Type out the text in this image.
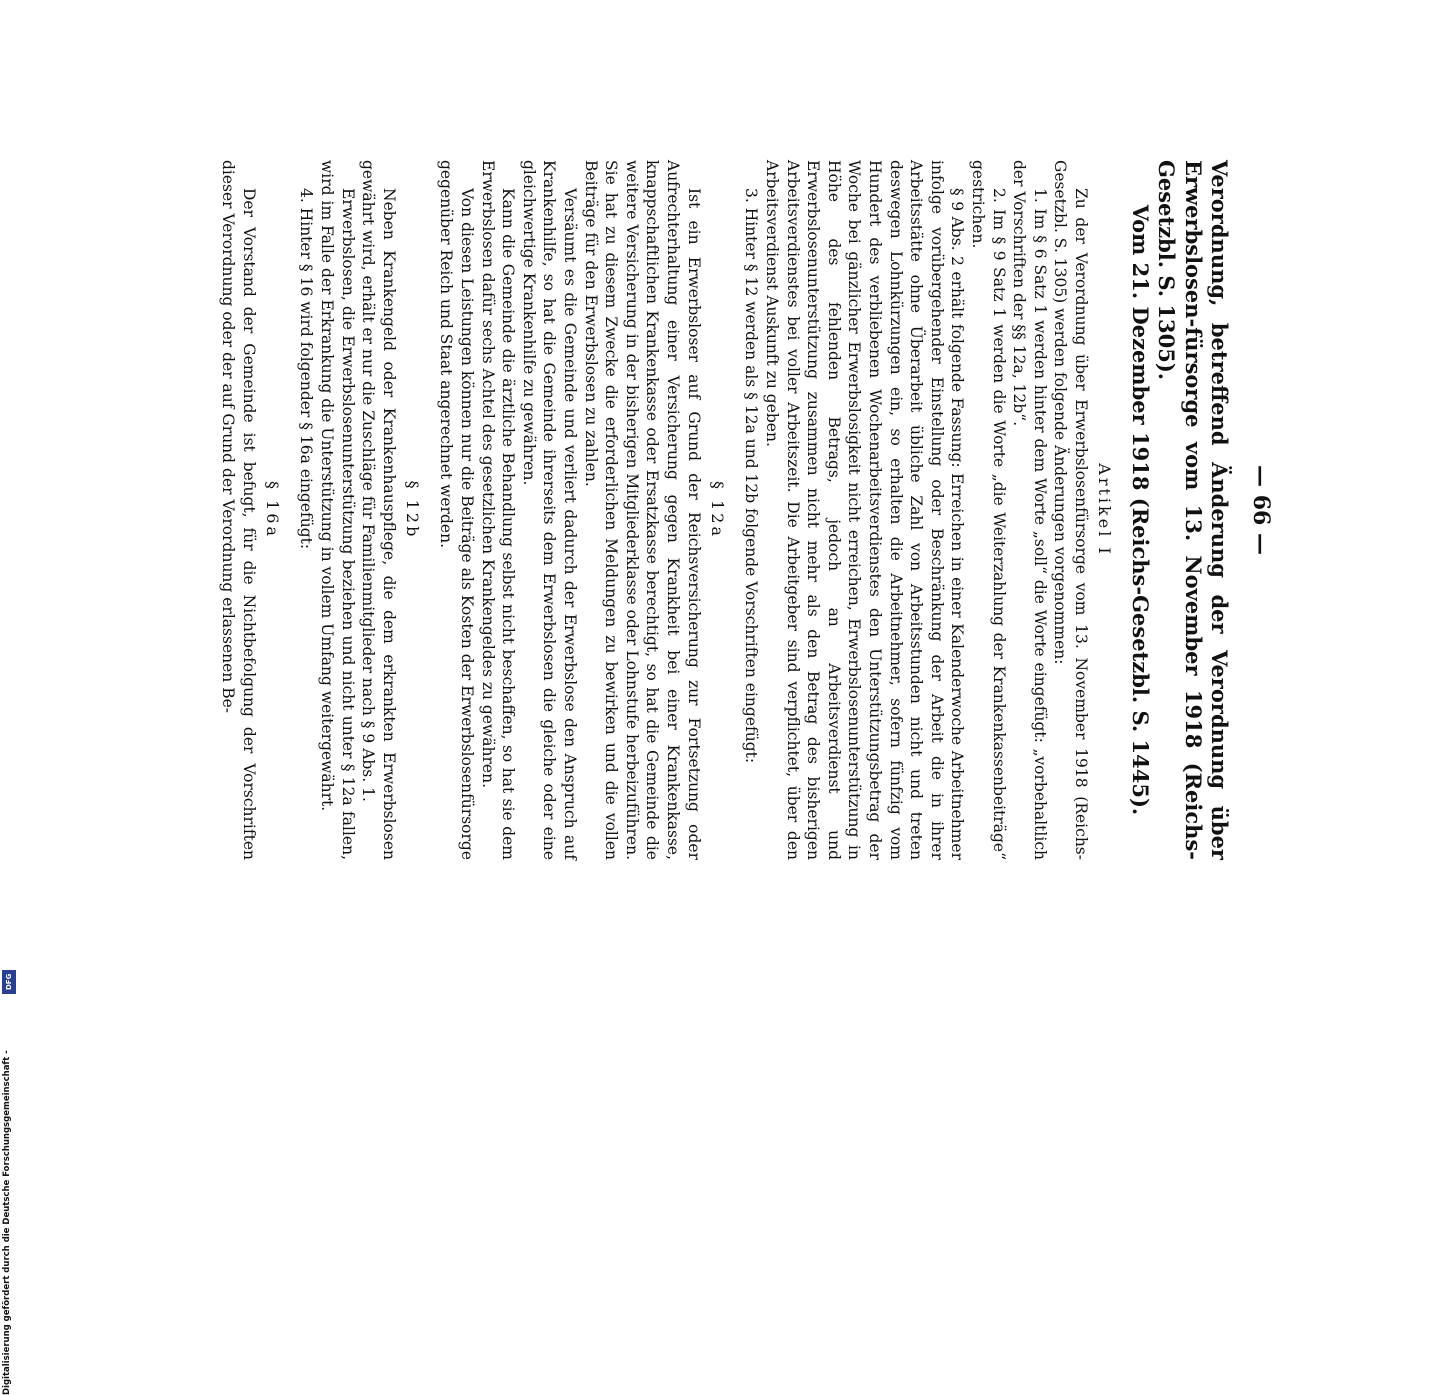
— 66 —

Verordnung, betreffend Änderung der Verordnung über Erwerbslosen-fürsorge vom 13. November 1918 (Reichs-Gesetzbl. S. 1305).

Vom 21. Dezember 1918 (Reichs-Gesetzbl. S. 1445).

Artikel I

Zu der Verordnung über Erwerbslosenfürsorge vom 13. November 1918 (Reichs-Gesetzbl. S. 1305) werden folgende Änderungen vorgenommen:

1. Im § 6 Satz 1 werden hinter dem Worte „soll“ die Worte eingefügt: „vorbehaltlich der Vorschriften der §§ 12a, 12b“.

2. Im § 9 Satz 1 werden die Worte „die Weiterzahlung der Krankenkassenbeiträge“ gestrichen.

§ 9 Abs. 2 erhält folgende Fassung: Erreichen in einer Kalenderwoche Arbeitnehmer infolge vorübergehender Einstellung oder Beschränkung der Arbeit die in ihrer Arbeitsstätte ohne Überarbeit übliche Zahl von Arbeitsstunden nicht und treten deswegen Lohnkürzungen ein, so erhalten die Arbeitnehmer, sofern fünfzig vom Hundert des verbliebenen Wochenarbeitsverdienstes den Unterstützungsbetrag der Woche bei gänzlicher Erwerbslosigkeit nicht erreichen, Erwerbslosenunterstützung in Höhe des fehlenden Betrags, jedoch an Arbeitsverdienst und Erwerbslosenunterstützung zusammen nicht mehr als den Betrag des bisherigen Arbeitsverdienstes bei voller Arbeitszeit. Die Arbeitgeber sind verpflichtet, über den Arbeitsverdienst Auskunft zu geben.

3. Hinter § 12 werden als § 12a und 12b folgende Vorschriften eingefügt:

§ 12a

Ist ein Erwerbsloser auf Grund der Reichsversicherung zur Fortsetzung oder Aufrechterhaltung einer Versicherung gegen Krankheit bei einer Krankenkasse, knappschaftlichen Krankenkasse oder Ersatzkasse berechtigt, so hat die Gemeinde die weitere Versicherung in der bisherigen Mitgliederklasse oder Lohnstufe herbeizuführen. Sie hat zu diesem Zwecke die erforderlichen Meldungen zu bewirken und die vollen Beiträge für den Erwerbslosen zu zahlen.

Versäumt es die Gemeinde und verliert dadurch der Erwerbslose den Anspruch auf Krankenhilfe, so hat die Gemeinde ihrerseits dem Erwerbslosen die gleiche oder eine gleichwertige Krankenhilfe zu gewähren.

Kann die Gemeinde die ärztliche Behandlung selbst nicht beschaffen, so hat sie dem Erwerbslosen dafür sechs Achtel des gesetzlichen Krankengeldes zu gewähren.

Von diesen Leistungen können nur die Beiträge als Kosten der Erwerbslosenfürsorge gegenüber Reich und Staat angerechnet werden.

§ 12b

Neben Krankengeld oder Krankenhauspflege, die dem erkrankten Erwerbslosen gewährt wird, erhält er nur die Zuschläge für Familienmitglieder nach § 9 Abs. 1.

Erwerbslosen, die Erwerbslosenunterstützung beziehen und nicht unter § 12a fallen, wird im Falle der Erkrankung die Unterstützung in vollem Umfang weitergewährt.

4. Hinter § 16 wird folgender § 16a eingefügt:

§ 16a

Der Vorstand der Gemeinde ist befugt, für die Nichtbefolgung der Vorschriften dieser Verordnung oder der auf Grund der Verordnung erlassenen Be-

Digitalisierung gefördert durch die Deutsche Forschungsgemeinschaft -
DFG
